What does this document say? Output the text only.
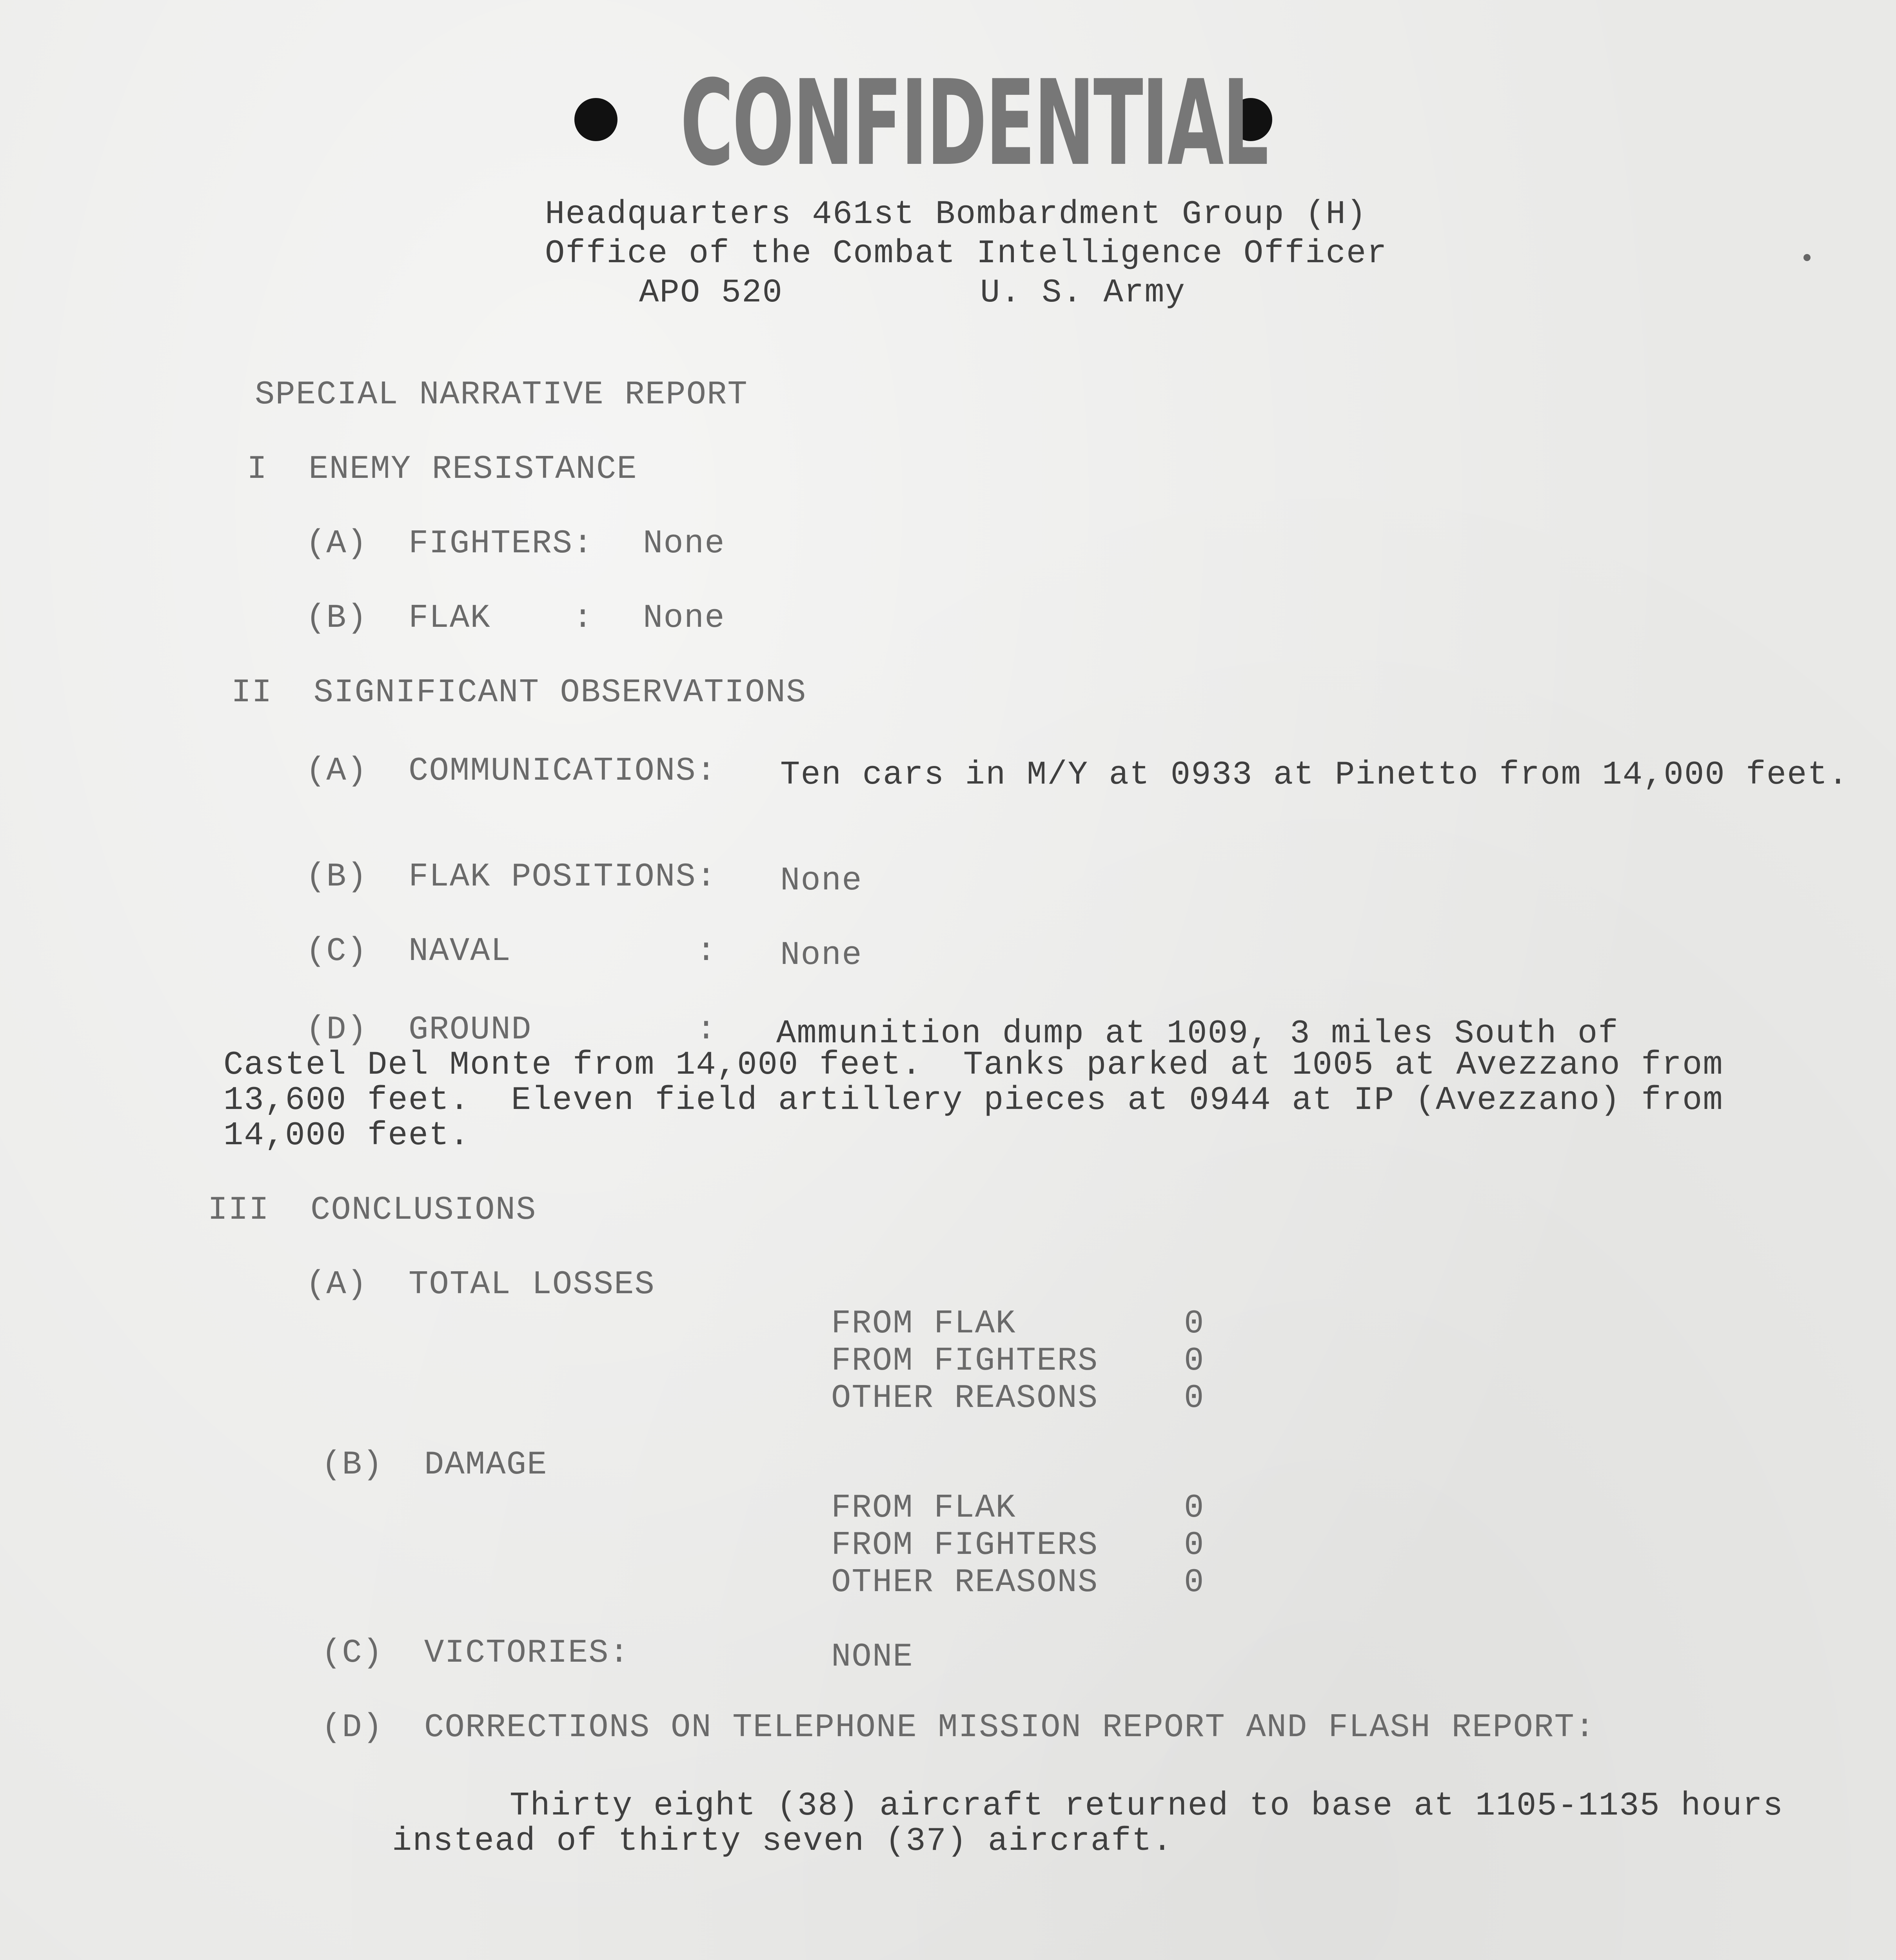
CONFIDENTIAL
Headquarters 461st Bombardment Group (H)
Office of the Combat Intelligence Officer
APO 520	U. S. Army
SPECIAL NARRATIVE REPORT
I  ENEMY RESISTANCE
(A)  FIGHTERS: None
(B)  FLAK    : None
II  SIGNIFICANT OBSERVATIONS
(A)  COMMUNICATIONS: Ten cars in M/Y at 0933 at Pinetto from 14,000 feet.
(B)  FLAK POSITIONS: None
(C)  NAVAL         : None
(D)  GROUND        : Ammunition dump at 1009, 3 miles South of
Castel Del Monte from 14,000 feet.  Tanks parked at 1005 at Avezzano from
13,600 feet.  Eleven field artillery pieces at 0944 at IP (Avezzano) from
14,000 feet.
III  CONCLUSIONS
(A)  TOTAL LOSSES
FROM FLAK	0
FROM FIGHTERS	0
OTHER REASONS	0
(B)  DAMAGE
FROM FLAK	0
FROM FIGHTERS	0
OTHER REASONS	0
(C)  VICTORIES:	NONE
(D)  CORRECTIONS ON TELEPHONE MISSION REPORT AND FLASH REPORT:
Thirty eight (38) aircraft returned to base at 1105-1135 hours
instead of thirty seven (37) aircraft.
